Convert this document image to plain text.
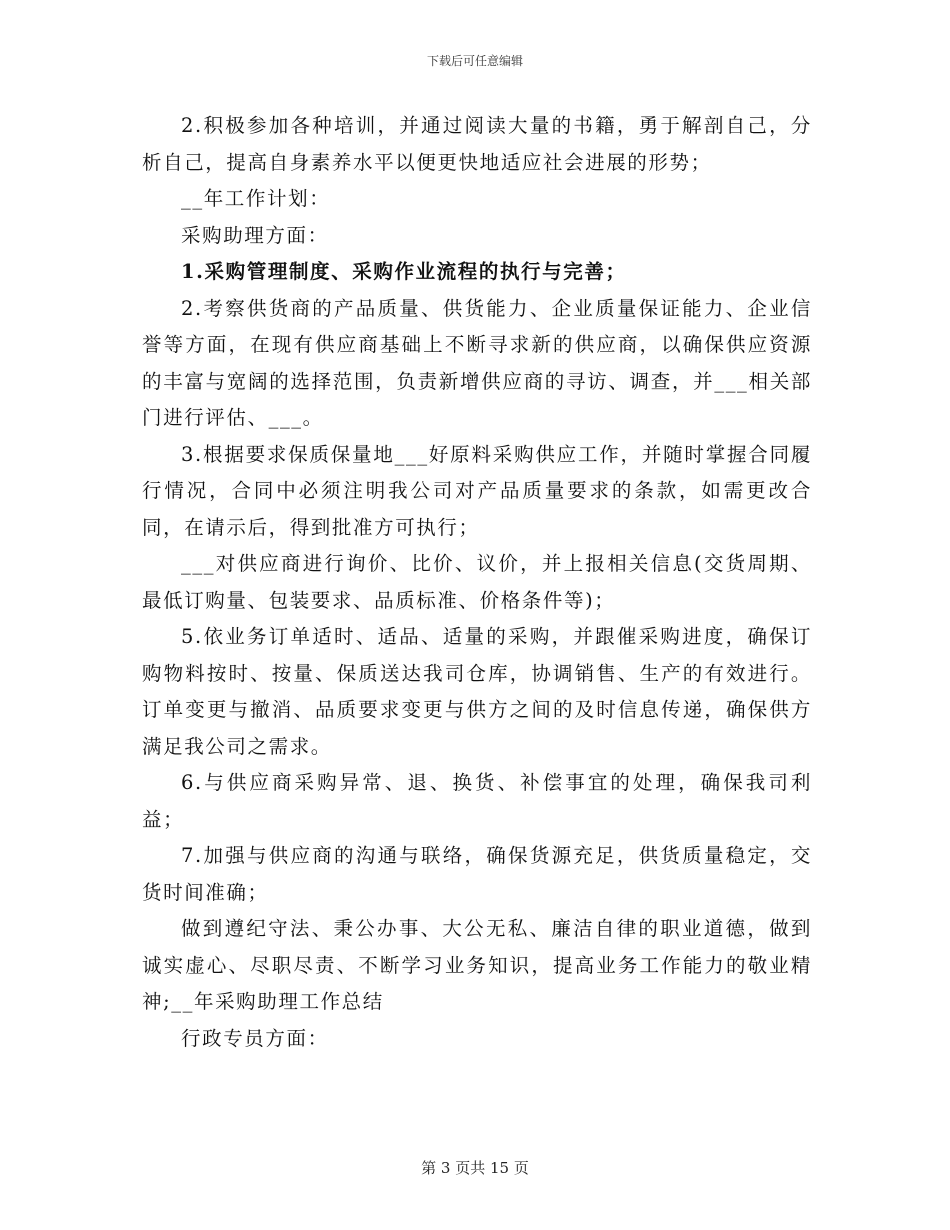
下载后可任意编辑

2.积极参加各种培训，并通过阅读大量的书籍，勇于解剖自己，分析自己，提高自身素养水平以便更快地适应社会进展的形势；

__年工作计划：

采购助理方面：

1.采购管理制度、采购作业流程的执行与完善；

2.考察供货商的产品质量、供货能力、企业质量保证能力、企业信誉等方面，在现有供应商基础上不断寻求新的供应商，以确保供应资源的丰富与宽阔的选择范围，负责新增供应商的寻访、调查，并___相关部门进行评估、___。

3.根据要求保质保量地___好原料采购供应工作，并随时掌握合同履行情况，合同中必须注明我公司对产品质量要求的条款，如需更改合同，在请示后，得到批准方可执行；

___对供应商进行询价、比价、议价，并上报相关信息(交货周期、最低订购量、包装要求、品质标准、价格条件等)；

5.依业务订单适时、适品、适量的采购，并跟催采购进度，确保订购物料按时、按量、保质送达我司仓库，协调销售、生产的有效进行。订单变更与撤消、品质要求变更与供方之间的及时信息传递，确保供方满足我公司之需求。

6.与供应商采购异常、退、换货、补偿事宜的处理，确保我司利益；

7.加强与供应商的沟通与联络，确保货源充足，供货质量稳定，交货时间准确；

做到遵纪守法、秉公办事、大公无私、廉洁自律的职业道德，做到诚实虚心、尽职尽责、不断学习业务知识，提高业务工作能力的敬业精神;__年采购助理工作总结

行政专员方面：

第 3 页共 15 页
